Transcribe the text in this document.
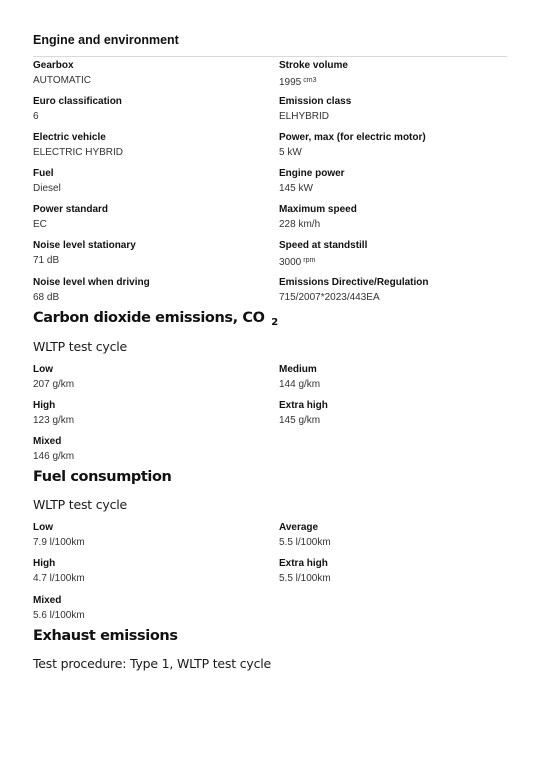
Engine and environment
Gearbox
AUTOMATIC
Stroke volume
1995 $^{cm3}$
Euro classification
6
Emission class
ELHYBRID
Electric vehicle
ELECTRIC HYBRID
Power, max (for electric motor)
5 kW
Fuel
Diesel
Engine power
145 kW
Power standard
EC
Maximum speed
228 km/h
Noise level stationary
71 dB
Speed at standstill
3000 $^{rpm}$
Noise level when driving
68 dB
Emissions Directive/Regulation
715/2007*2023/443EA
Carbon dioxide emissions, CO $_2$
WLTP test cycle
Low
207 g/km
Medium
144 g/km
High
123 g/km
Extra high
145 g/km
Mixed
146 g/km
Fuel consumption
WLTP test cycle
Low
7.9 l/100km
Average
5.5 l/100km
High
4.7 l/100km
Extra high
5.5 l/100km
Mixed
5.6 l/100km
Exhaust emissions
Test procedure: Type 1, WLTP test cycle
